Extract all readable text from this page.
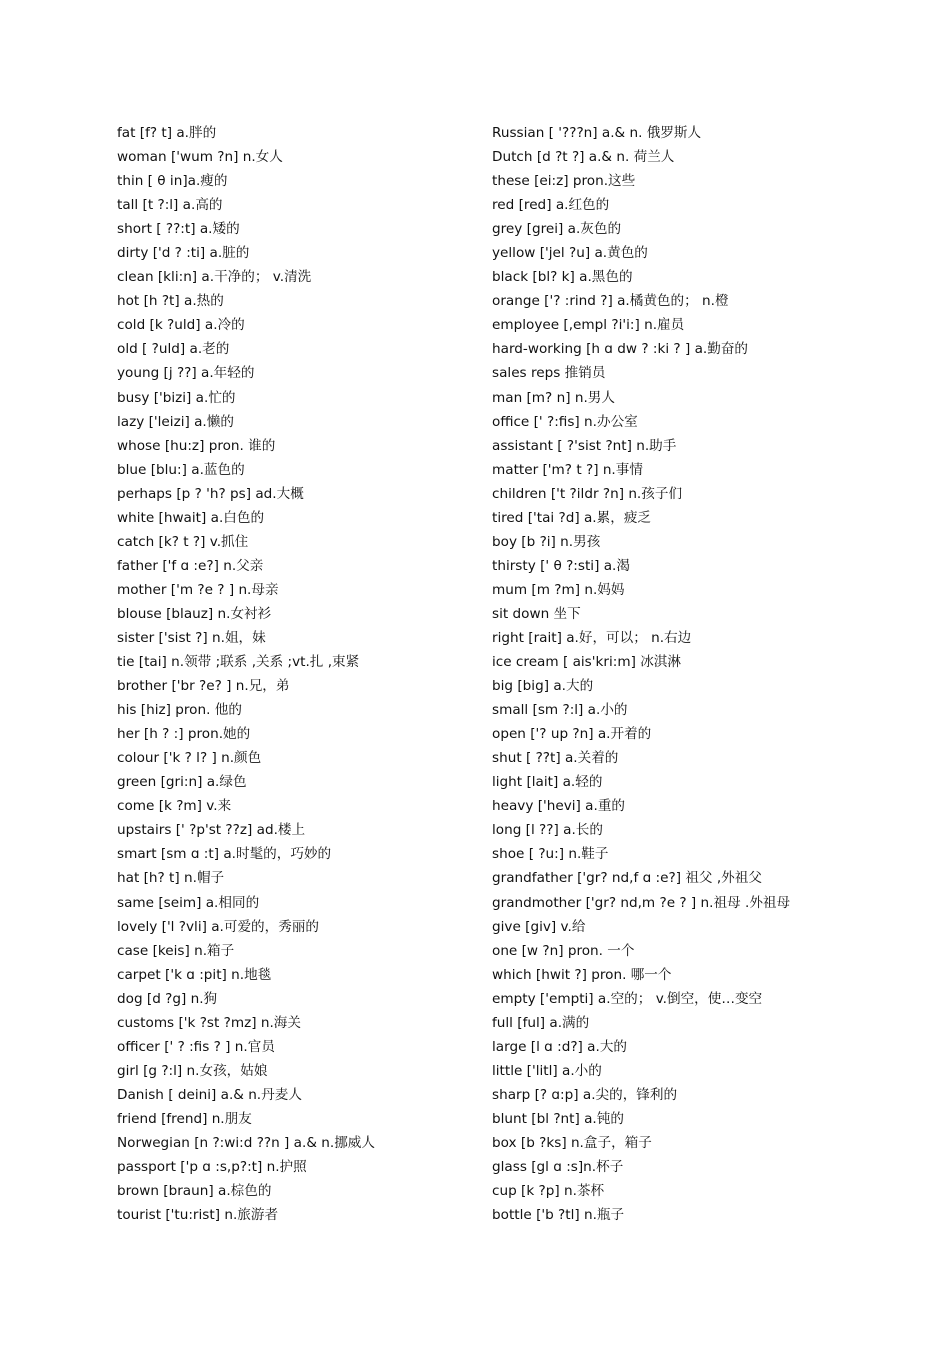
fat [f? t] a.胖的
woman ['wum ?n] n.女人
thin [ θ in]a.瘦的
tall [t ?:l] a.高的
short [ ??:t] a.矮的
dirty ['d ? :ti] a.脏的
clean [kli:n] a.干净的； v.清洗
hot [h ?t] a.热的
cold [k ?uld] a.冷的
old [ ?uld] a.老的
young [j ??] a.年轻的
busy ['bizi] a.忙的
lazy ['leizi] a.懒的
whose [hu:z] pron. 谁的
blue [blu:] a.蓝色的
perhaps [p ? 'h? ps] ad.大概
white [hwait] a.白色的
catch [k? t ?] v.抓住
father ['f ɑ :e?] n.父亲
mother ['m ?e ? ] n.母亲
blouse [blauz] n.女衬衫
sister ['sist ?] n.姐，妹
tie [tai] n.领带 ;联系 ,关系 ;vt.扎 ,束紧
brother ['br ?e? ] n.兄，弟
his [hiz] pron. 他的
her [h ? :] pron.她的
colour ['k ? l? ] n.颜色
green [gri:n] a.绿色
come [k ?m] v.来
upstairs [' ?p'st ??z] ad.楼上
smart [sm ɑ :t] a.时髦的，巧妙的
hat [h? t] n.帽子
same [seim] a.相同的
lovely ['l ?vli] a.可爱的，秀丽的
case [keis] n.箱子
carpet ['k ɑ :pit] n.地毯
dog [d ?g] n.狗
customs ['k ?st ?mz] n.海关
officer [' ? :fis ? ] n.官员
girl [g ?:l] n.女孩，姑娘
Danish [ deini] a.& n.丹麦人
friend [frend] n.朋友
Norwegian [n ?:wi:d ??n ] a.& n.挪威人
passport ['p ɑ :s,p?:t] n.护照
brown [braun] a.棕色的
tourist ['tu:rist] n.旅游者
Russian [ '???n] a.& n. 俄罗斯人
Dutch [d ?t ?] a.& n. 荷兰人
these [ei:z] pron.这些
red [red] a.红色的
grey [grei] a.灰色的
yellow ['jel ?u] a.黄色的
black [bl? k] a.黑色的
orange ['? :rind ?] a.橘黄色的； n.橙
employee [,empl ?i'i:] n.雇员
hard-working [h ɑ dw ? :ki ? ] a.勤奋的
sales reps 推销员
man [m? n] n.男人
office [' ?:fis] n.办公室
assistant [ ?'sist ?nt] n.助手
matter ['m? t ?] n.事情
children ['t ?ildr ?n] n.孩子们
tired ['tai ?d] a.累，疲乏
boy [b ?i] n.男孩
thirsty [' θ ?:sti] a.渴
mum [m ?m] n.妈妈
sit down 坐下
right [rait] a.好，可以； n.右边
ice cream [ ais'kri:m] 冰淇淋
big [big] a.大的
small [sm ?:l] a.小的
open ['? up ?n] a.开着的
shut [ ??t] a.关着的
light [lait] a.轻的
heavy ['hevi] a.重的
long [l ??] a.长的
shoe [ ?u:] n.鞋子
grandfather ['gr? nd,f ɑ :e?] 祖父 ,外祖父
grandmother ['gr? nd,m ?e ? ] n.祖母 .外祖母
give [giv] v.给
one [w ?n] pron. 一个
which [hwit ?] pron. 哪一个
empty ['empti] a.空的； v.倒空，使…变空
full [ful] a.满的
large [l ɑ :d?] a.大的
little ['litl] a.小的
sharp [? ɑ:p] a.尖的，锋利的
blunt [bl ?nt] a.钝的
box [b ?ks] n.盒子，箱子
glass [gl ɑ :s]n.杯子
cup [k ?p] n.茶杯
bottle ['b ?tl] n.瓶子
